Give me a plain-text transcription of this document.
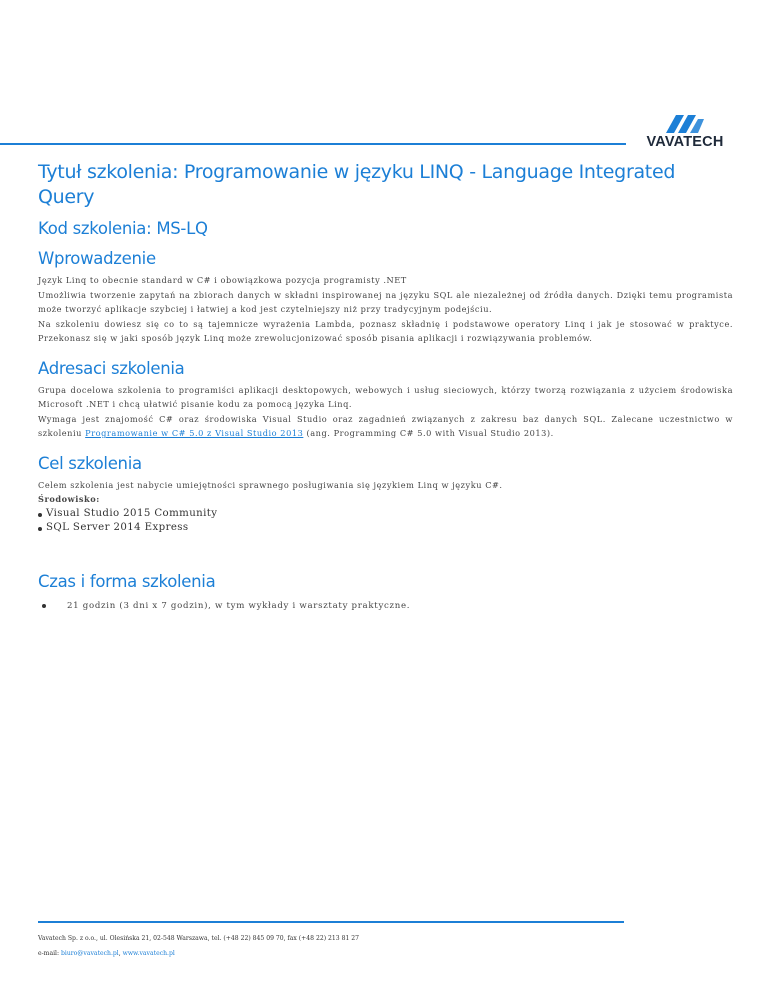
VAVATECH
Tytuł szkolenia: Programowanie w języku LINQ - Language Integrated Query
Kod szkolenia: MS-LQ
Wprowadzenie

Język Linq to obecnie standard w C# i obowiązkowa pozycja programisty .NET

Umożliwia tworzenie zapytań na zbiorach danych w składni inspirowanej na języku SQL ale niezależnej od źródła danych. Dzięki temu programista może tworzyć aplikacje szybciej i łatwiej a kod jest czytelniejszy niż przy tradycyjnym podejściu.

Na szkoleniu dowiesz się co to są tajemnicze wyrażenia Lambda, poznasz składnię i podstawowe operatory Linq i jak je stosować w praktyce. Przekonasz się w jaki sposób język Linq może zrewolucjonizować sposób pisania aplikacji i rozwiązywania problemów.

Adresaci szkolenia

Grupa docelowa szkolenia to programiści aplikacji desktopowych, webowych i usług sieciowych, którzy tworzą rozwiązania z użyciem środowiska Microsoft .NET i chcą ułatwić pisanie kodu za pomocą języka Linq.

Wymaga jest znajomość C# oraz środowiska Visual Studio oraz zagadnień związanych z zakresu baz danych SQL. Zalecane uczestnictwo w szkoleniu Programowanie w C# 5.0 z Visual Studio 2013 (ang. Programming C# 5.0 with Visual Studio 2013).

Cel szkolenia

Celem szkolenia jest nabycie umiejętności sprawnego posługiwania się językiem Linq w języku C#.

Środowisko:

Visual Studio 2015 Community
SQL Server 2014 Express
Czas i forma szkolenia
21 godzin (3 dni x 7 godzin), w tym wykłady i warsztaty praktyczne.
Vavatech Sp. z o.o., ul. Olesińska 21, 02-548 Warszawa, tel. (+48 22) 845 09 70, fax (+48 22) 213 81 27
e-mail: biuro@vavatech.pl, www.vavatech.pl
